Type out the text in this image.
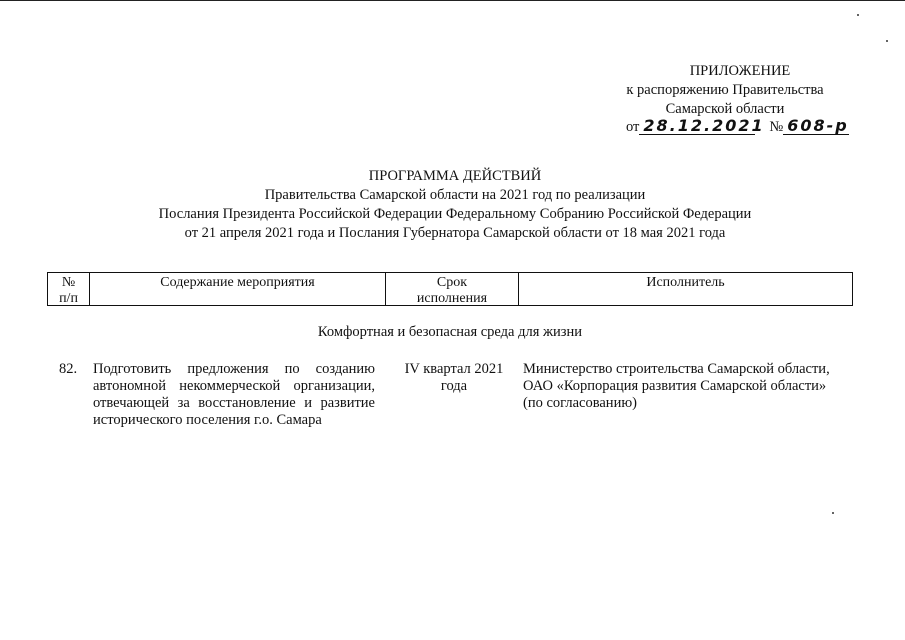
ПРИЛОЖЕНИЕ
к распоряжению Правительства
Самарской области
от 28.12.2021 № 608-р
ПРОГРАММА ДЕЙСТВИЙ
Правительства Самарской области на 2021 год по реализации
Послания Президента Российской Федерации Федеральному Собранию Российской Федерации
от 21 апреля 2021 года и Послания Губернатора Самарской области от 18 мая 2021 года
№
п/п
Содержание мероприятия	Срок
исполнения
Исполнитель
Комфортная и безопасная среда для жизни
82. Подготовить предложения по созданию автономной некоммерческой организации, отвечающей за восстановление и развитие исторического поселения г.о. Самара
IV квартал 2021 года
Министерство строительства Самарской области,
ОАО «Корпорация развития Самарской области»
(по согласованию)
